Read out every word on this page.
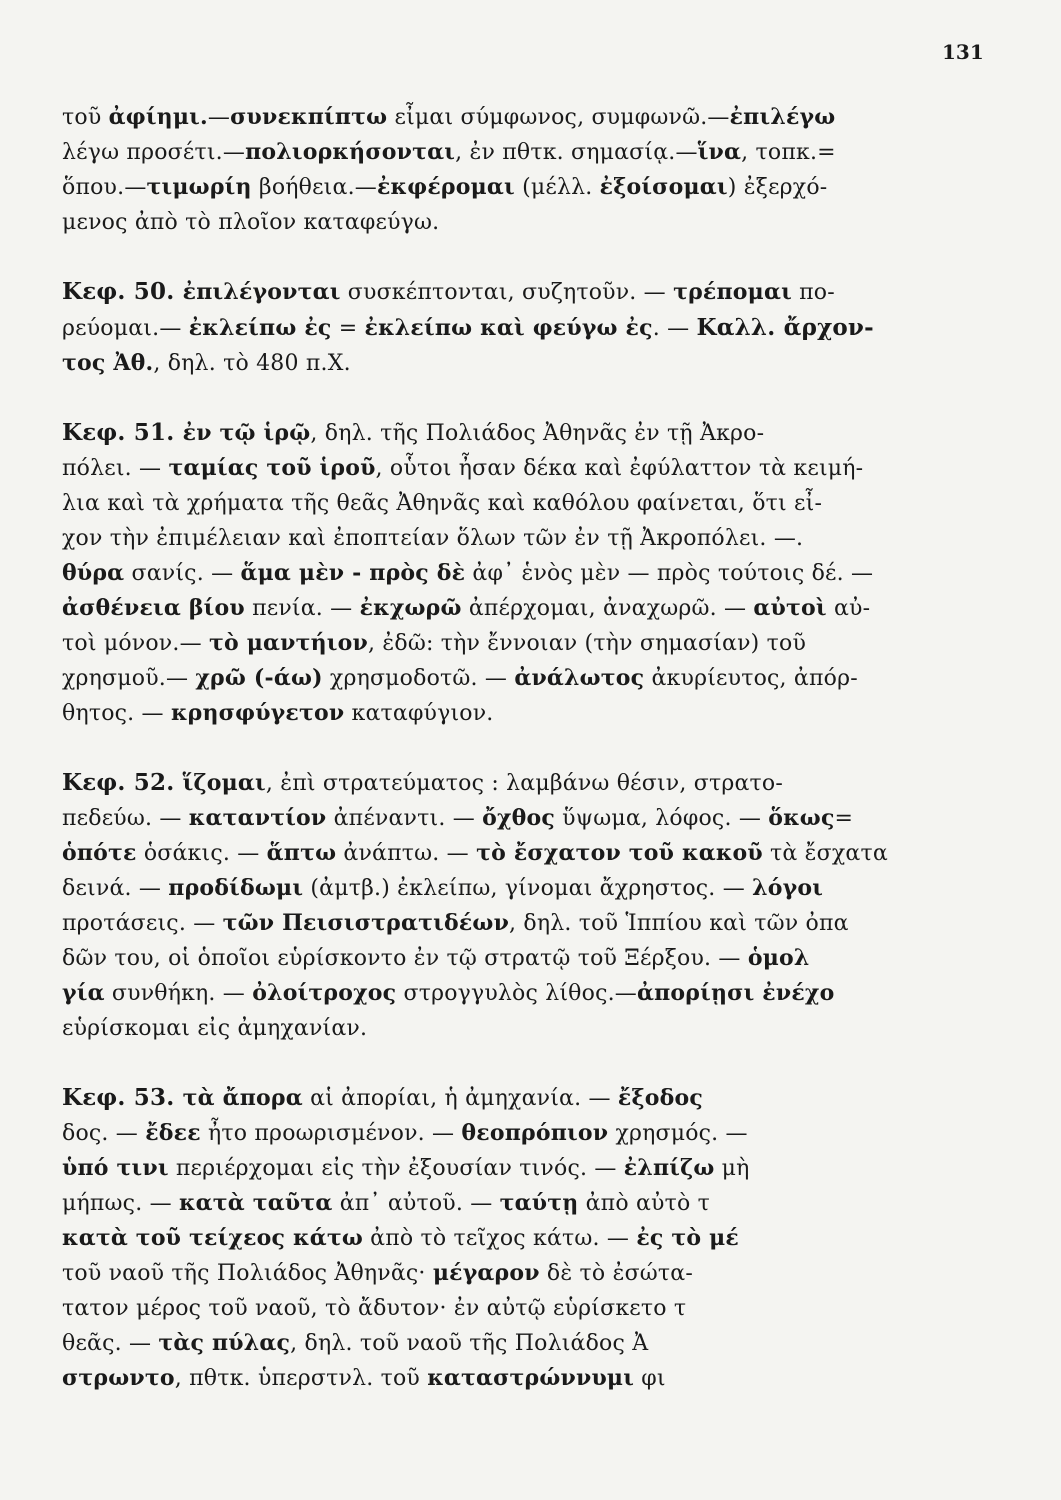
131
τοῦ ἀφίημι.—συνεκπίπτω εἶμαι σύμφωνος, συμφωνῶ.—ἐπιλέγω
λέγω προσέτι.—πολιορκήσονται, ἐν πθτκ. σημασίᾳ.—ἵνα, τοπκ.=
ὅπου.—τιμωρίη βοήθεια.—ἐκφέρομαι (μέλλ. ἐξοίσομαι) ἐξερχό-
μενος ἀπὸ τὸ πλοῖον καταφεύγω.
Κεφ. 50. ἐπιλέγονται συσκέπτονται, συζητοῦν. — τρέπομαι πο-
ρεύομαι.— ἐκλείπω ἐς = ἐκλείπω καὶ φεύγω ἐς. — Καλλ. ἄρχον-
τος Ἀθ., δηλ. τὸ 480 π.Χ.
Κεφ. 51. ἐν τῷ ἱρῷ, δηλ. τῆς Πολιάδος Ἀθηνᾶς ἐν τῇ Ἀκρο-
πόλει. — ταμίας τοῦ ἱροῦ, οὗτοι ἦσαν δέκα καὶ ἐφύλαττον τὰ κειμή-
λια καὶ τὰ χρήματα τῆς θεᾶς Ἀθηνᾶς καὶ καθόλου φαίνεται, ὅτι εἶ-
χον τὴν ἐπιμέλειαν καὶ ἐποπτείαν ὅλων τῶν ἐν τῇ Ἀκροπόλει. —.
θύρα σανίς. — ἅμα μὲν - πρὸς δὲ ἀφ᾽ ἑνὸς μὲν — πρὸς τούτοις δέ. —
ἀσθένεια βίου πενία. — ἐκχωρῶ ἀπέρχομαι, ἀναχωρῶ. — αὐτοὶ αὐ-
τοὶ μόνον.— τὸ μαντήιον, ἐδῶ: τὴν ἔννοιαν (τὴν σημασίαν) τοῦ
χρησμοῦ.— χρῶ (-άω) χρησμοδοτῶ. — ἀνάλωτος ἀκυρίευτος, ἀπόρ-
θητος. — κρησφύγετον καταφύγιον.
Κεφ. 52. ἵζομαι, ἐπὶ στρατεύματος : λαμβάνω θέσιν, στρατο-
πεδεύω. — καταντίον ἀπέναντι. — ὄχθος ὕψωμα, λόφος. — ὅκως=
ὁπότε ὁσάκις. — ἅπτω ἀνάπτω. — τὸ ἔσχατον τοῦ κακοῦ τὰ ἔσχατα
δεινά. — προδίδωμι (ἀμτβ.) ἐκλείπω, γίνομαι ἄχρηστος. — λόγοι
προτάσεις. — τῶν Πεισιστρατιδέων, δηλ. τοῦ Ἱππίου καὶ τῶν ὀπα
δῶν του, οἱ ὁποῖοι εὑρίσκοντο ἐν τῷ στρατῷ τοῦ Ξέρξου. — ὁμολ
γία συνθήκη. — ὀλοίτροχος στρογγυλὸς λίθος.—ἀπορίῃσι ἐνέχο
εὑρίσκομαι εἰς ἀμηχανίαν.
Κεφ. 53. τὰ ἄπορα αἱ ἀπορίαι, ἡ ἀμηχανία. — ἔξοδος
δος. — ἔδεε ἦτο προωρισμένον. — θεοπρόπιον χρησμός. —
ὑπό τινι περιέρχομαι εἰς τὴν ἐξουσίαν τινός. — ἐλπίζω μὴ
μήπως. — κατὰ ταῦτα ἀπ᾽ αὐτοῦ. — ταύτῃ ἀπὸ αὐτὸ τ
κατὰ τοῦ τείχεος κάτω ἀπὸ τὸ τεῖχος κάτω. — ἐς τὸ μέ
τοῦ ναοῦ τῆς Πολιάδος Ἀθηνᾶς· μέγαρον δὲ τὸ ἐσώτα-
τατον μέρος τοῦ ναοῦ, τὸ ἄδυτον· ἐν αὐτῷ εὑρίσκετο τ
θεᾶς. — τὰς πύλας, δηλ. τοῦ ναοῦ τῆς Πολιάδος Ἀ
στρωντο, πθτκ. ὑπερστνλ. τοῦ καταστρώννυμι φι
